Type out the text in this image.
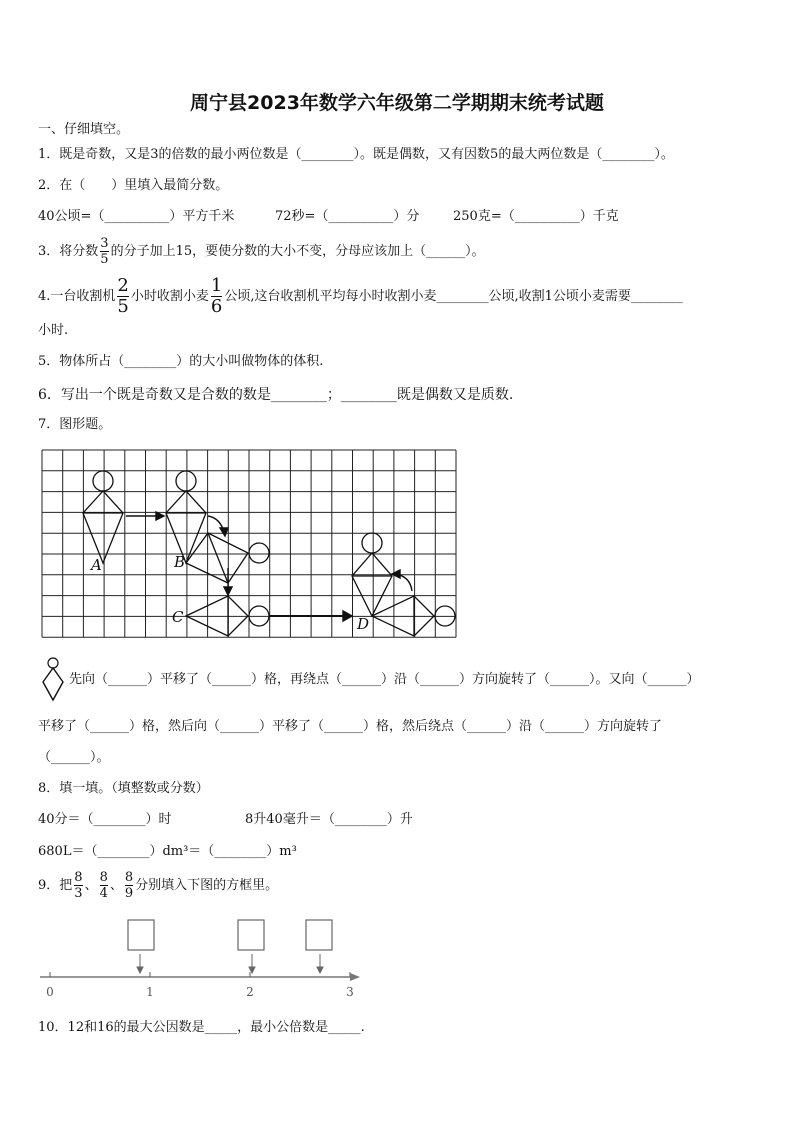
周宁县2023年数学六年级第二学期期末统考试题
一、仔细填空。
1．既是奇数，又是3的倍数的最小两位数是（________）。既是偶数，又有因数5的最大两位数是（________）。
2．在（　　）里填入最简分数。
40公顷=（__________）平方千米	72秒=（__________）分	250克=（__________）千克
3．将分数 $\frac{3}{5}$ 的分子加上15，要使分数的大小不变，分母应该加上（______）。
4.一台收割机 $\frac{2}{5}$ 小时收割小麦 $\frac{1}{6}$ 公顷,这台收割机平均每小时收割小麦________公顷,收割1公顷小麦需要________
小时.
5．物体所占（________）的大小叫做物体的体积.
6．写出一个既是奇数又是合数的数是________；________既是偶数又是质数.
7．图形题。
A	B
C	D
先向（______）平移了（______）格，再绕点（______）沿（______）方向旋转了（______）。又向（______）
平移了（______）格，然后向（______）平移了（______）格，然后绕点（______）沿（______）方向旋转了
（______）。
8．填一填。（填整数或分数）
40分＝（________）时	8升40毫升＝（________）升
680L＝（________）dm³＝（________）m³
9．把 $\frac{8}{3}$ 、 $\frac{8}{4}$ 、 $\frac{8}{9}$ 分别填入下图的方框里。
0	1	2	3
10．12和16的最大公因数是_____，最小公倍数是_____.
